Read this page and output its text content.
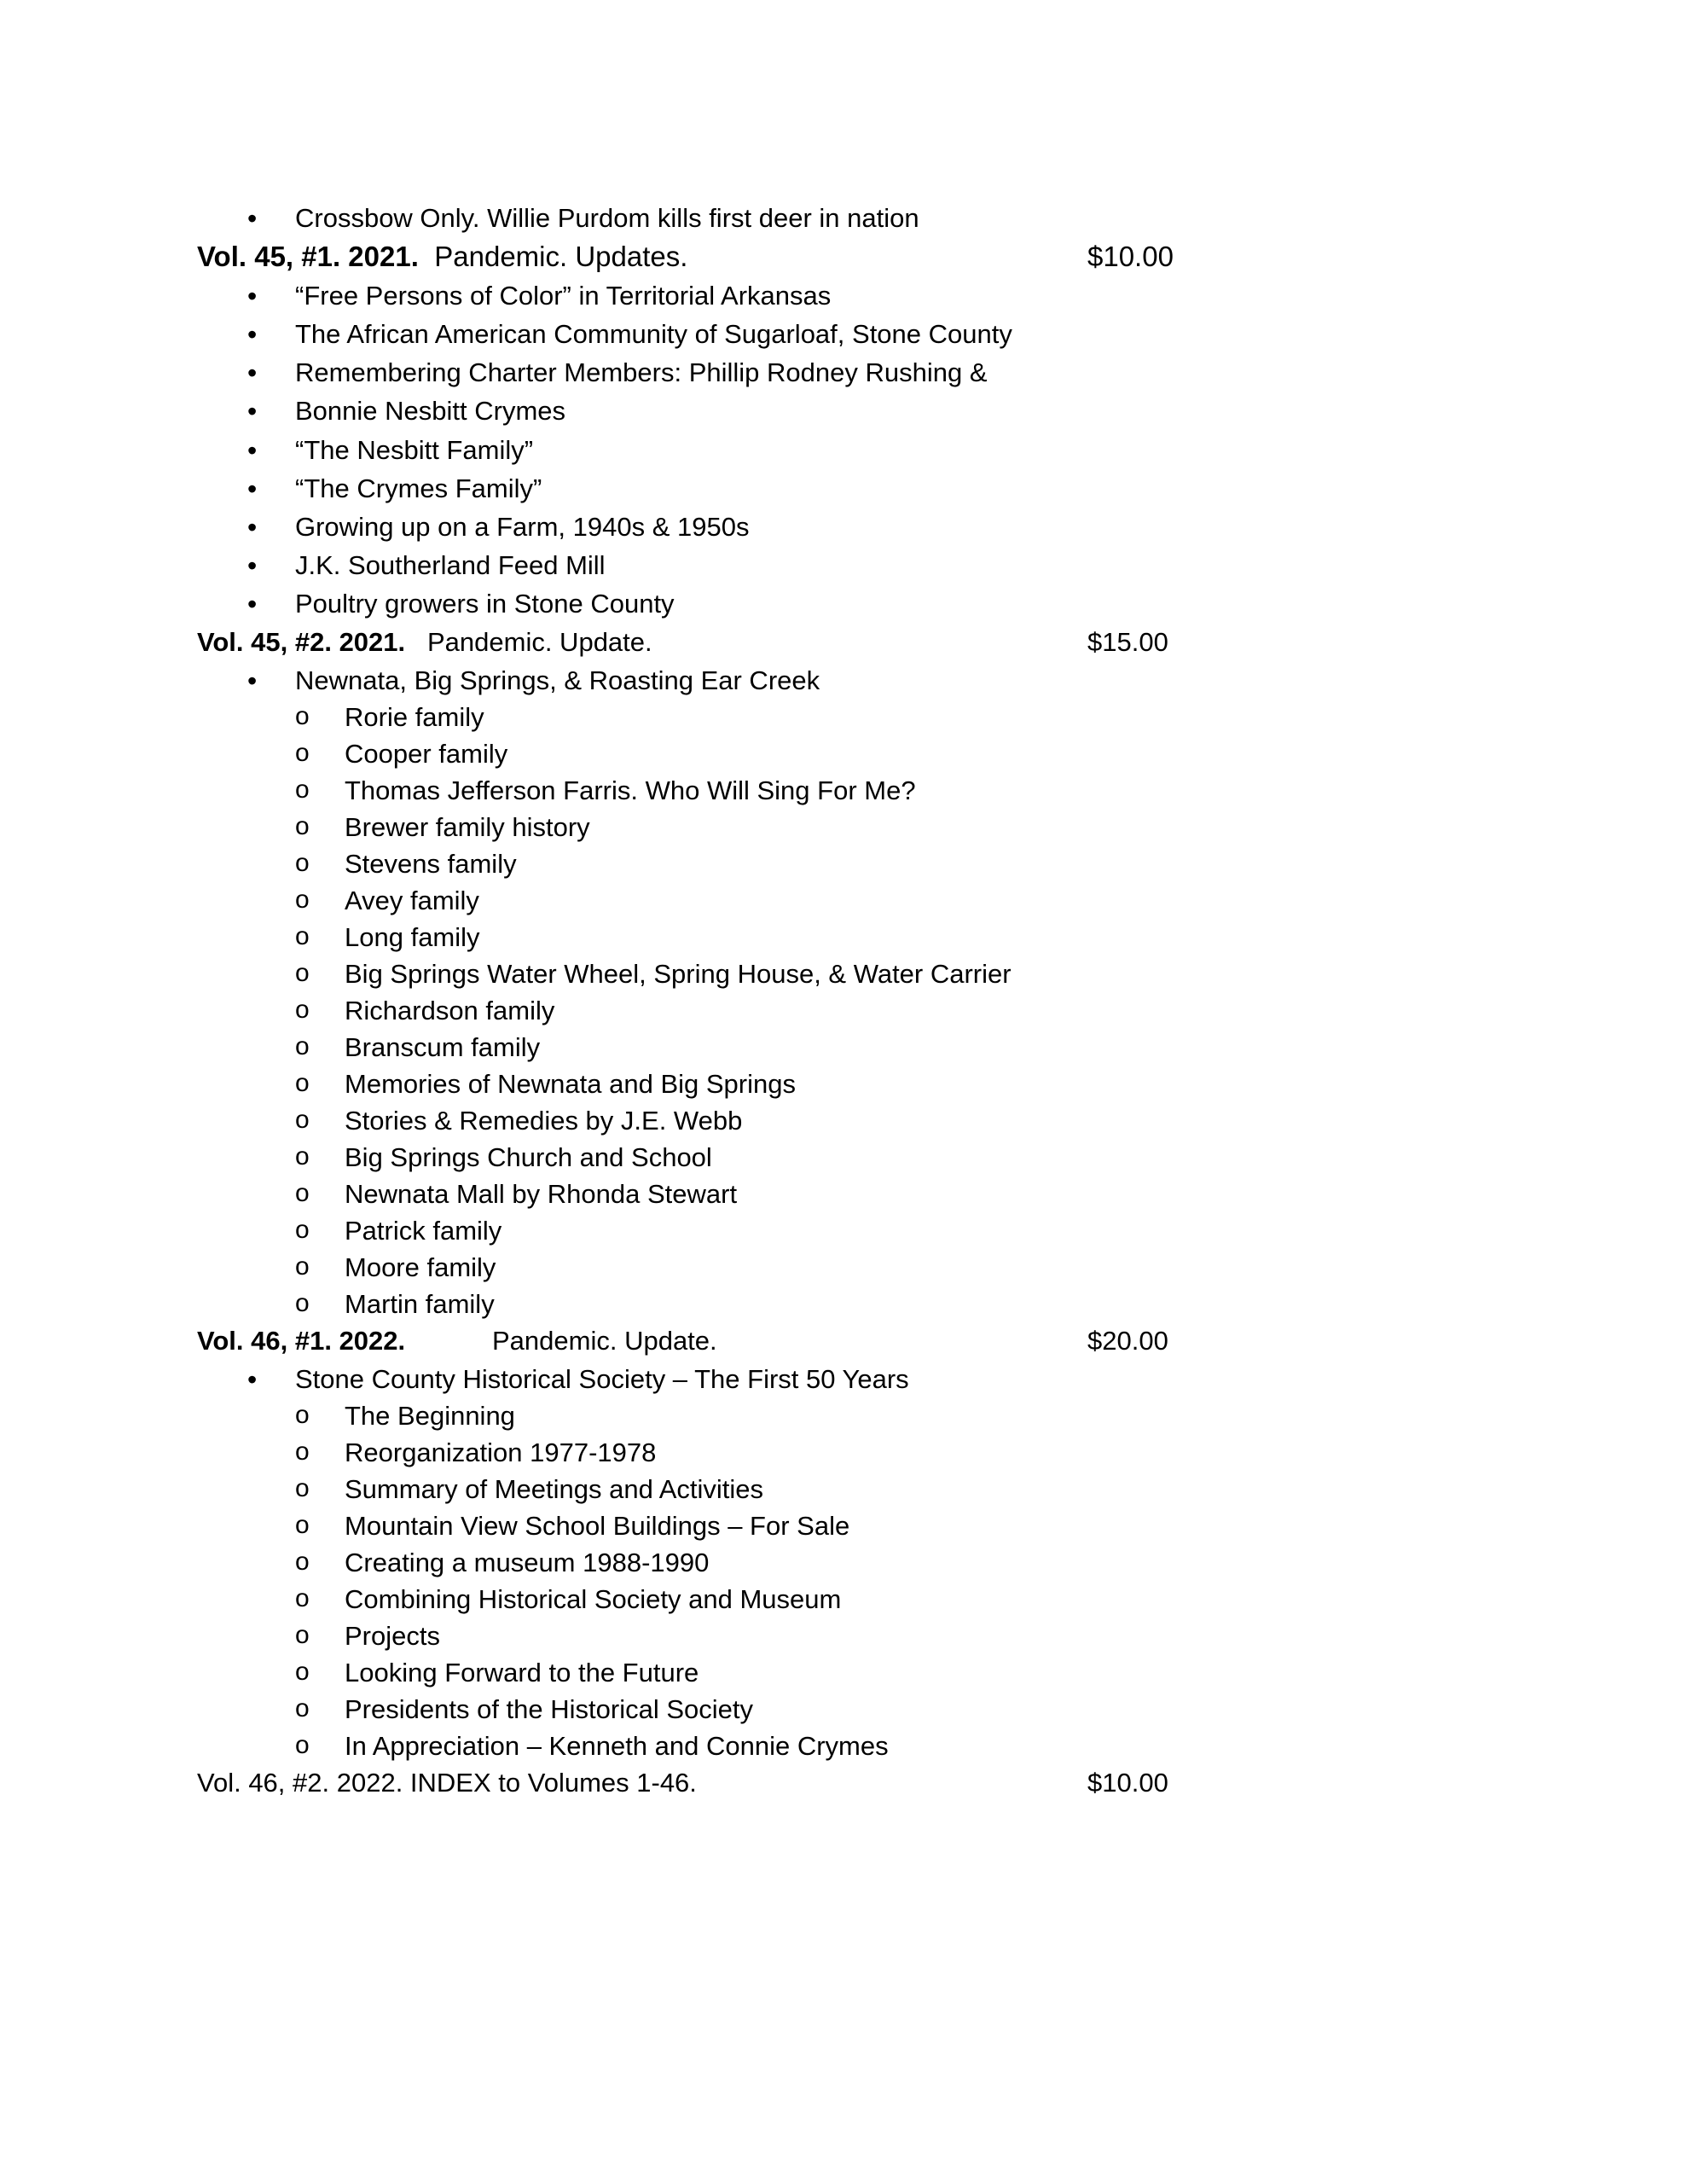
• Crossbow Only. Willie Purdom kills first deer in nation
Vol. 45, #1. 2021. Pandemic. Updates.	$10.00
• “Free Persons of Color” in Territorial Arkansas
• The African American Community of Sugarloaf, Stone County
• Remembering Charter Members: Phillip Rodney Rushing &
• Bonnie Nesbitt Crymes
• “The Nesbitt Family”
• “The Crymes Family”
• Growing up on a Farm, 1940s & 1950s
• J.K. Southerland Feed Mill
• Poultry growers in Stone County
Vol. 45, #2. 2021. Pandemic. Update.	$15.00
• Newnata, Big Springs, & Roasting Ear Creek
o Rorie family
o Cooper family
o Thomas Jefferson Farris. Who Will Sing For Me?
o Brewer family history
o Stevens family
o Avey family
o Long family
o Big Springs Water Wheel, Spring House, & Water Carrier
o Richardson family
o Branscum family
o Memories of Newnata and Big Springs
o Stories & Remedies by J.E. Webb
o Big Springs Church and School
o Newnata Mall by Rhonda Stewart
o Patrick family
o Moore family
o Martin family
Vol. 46, #1. 2022.	Pandemic. Update.	$20.00
• Stone County Historical Society – The First 50 Years
o The Beginning
o Reorganization 1977-1978
o Summary of Meetings and Activities
o Mountain View School Buildings – For Sale
o Creating a museum 1988-1990
o Combining Historical Society and Museum
o Projects
o Looking Forward to the Future
o Presidents of the Historical Society
o In Appreciation – Kenneth and Connie Crymes
Vol. 46, #2. 2022. INDEX to Volumes 1-46.	$10.00
